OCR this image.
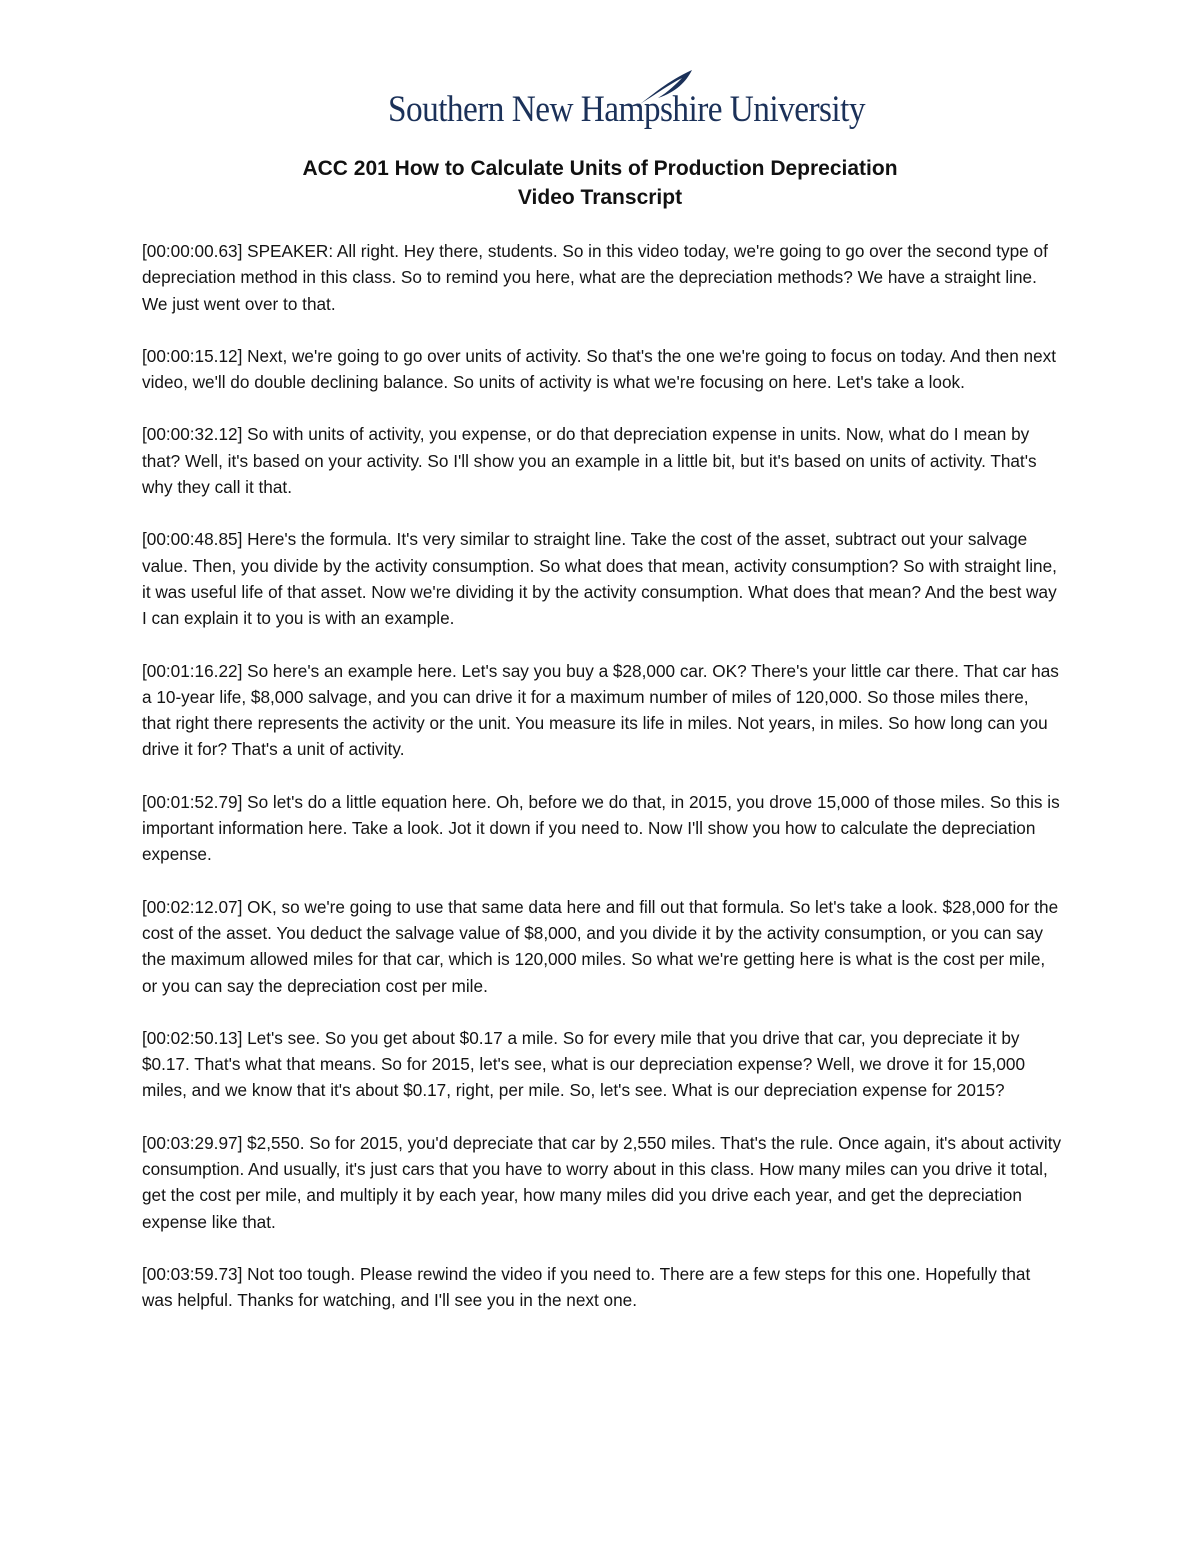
Southern New Hampshire University
ACC 201 How to Calculate Units of Production Depreciation
Video Transcript

[00:00:00.63] SPEAKER: All right. Hey there, students. So in this video today, we're going to go over the second type of depreciation method in this class. So to remind you here, what are the depreciation methods? We have a straight line. We just went over to that.

[00:00:15.12] Next, we're going to go over units of activity. So that's the one we're going to focus on today. And then next video, we'll do double declining balance. So units of activity is what we're focusing on here. Let's take a look.

[00:00:32.12] So with units of activity, you expense, or do that depreciation expense in units. Now, what do I mean by that? Well, it's based on your activity. So I'll show you an example in a little bit, but it's based on units of activity. That's why they call it that.

[00:00:48.85] Here's the formula. It's very similar to straight line. Take the cost of the asset, subtract out your salvage value. Then, you divide by the activity consumption. So what does that mean, activity consumption? So with straight line, it was useful life of that asset. Now we're dividing it by the activity consumption. What does that mean? And the best way I can explain it to you is with an example.

[00:01:16.22] So here's an example here. Let's say you buy a $28,000 car. OK? There's your little car there. That car has a 10-year life, $8,000 salvage, and you can drive it for a maximum number of miles of 120,000. So those miles there, that right there represents the activity or the unit. You measure its life in miles. Not years, in miles. So how long can you drive it for? That's a unit of activity.

[00:01:52.79] So let's do a little equation here. Oh, before we do that, in 2015, you drove 15,000 of those miles. So this is important information here. Take a look. Jot it down if you need to. Now I'll show you how to calculate the depreciation expense.

[00:02:12.07] OK, so we're going to use that same data here and fill out that formula. So let's take a look. $28,000 for the cost of the asset. You deduct the salvage value of $8,000, and you divide it by the activity consumption, or you can say the maximum allowed miles for that car, which is 120,000 miles. So what we're getting here is what is the cost per mile, or you can say the depreciation cost per mile.

[00:02:50.13] Let's see. So you get about $0.17 a mile. So for every mile that you drive that car, you depreciate it by $0.17. That's what that means. So for 2015, let's see, what is our depreciation expense? Well, we drove it for 15,000 miles, and we know that it's about $0.17, right, per mile. So, let's see. What is our depreciation expense for 2015?

[00:03:29.97] $2,550. So for 2015, you'd depreciate that car by 2,550 miles. That's the rule. Once again, it's about activity consumption. And usually, it's just cars that you have to worry about in this class. How many miles can you drive it total, get the cost per mile, and multiply it by each year, how many miles did you drive each year, and get the depreciation expense like that.

[00:03:59.73] Not too tough. Please rewind the video if you need to. There are a few steps for this one. Hopefully that was helpful. Thanks for watching, and I'll see you in the next one.
